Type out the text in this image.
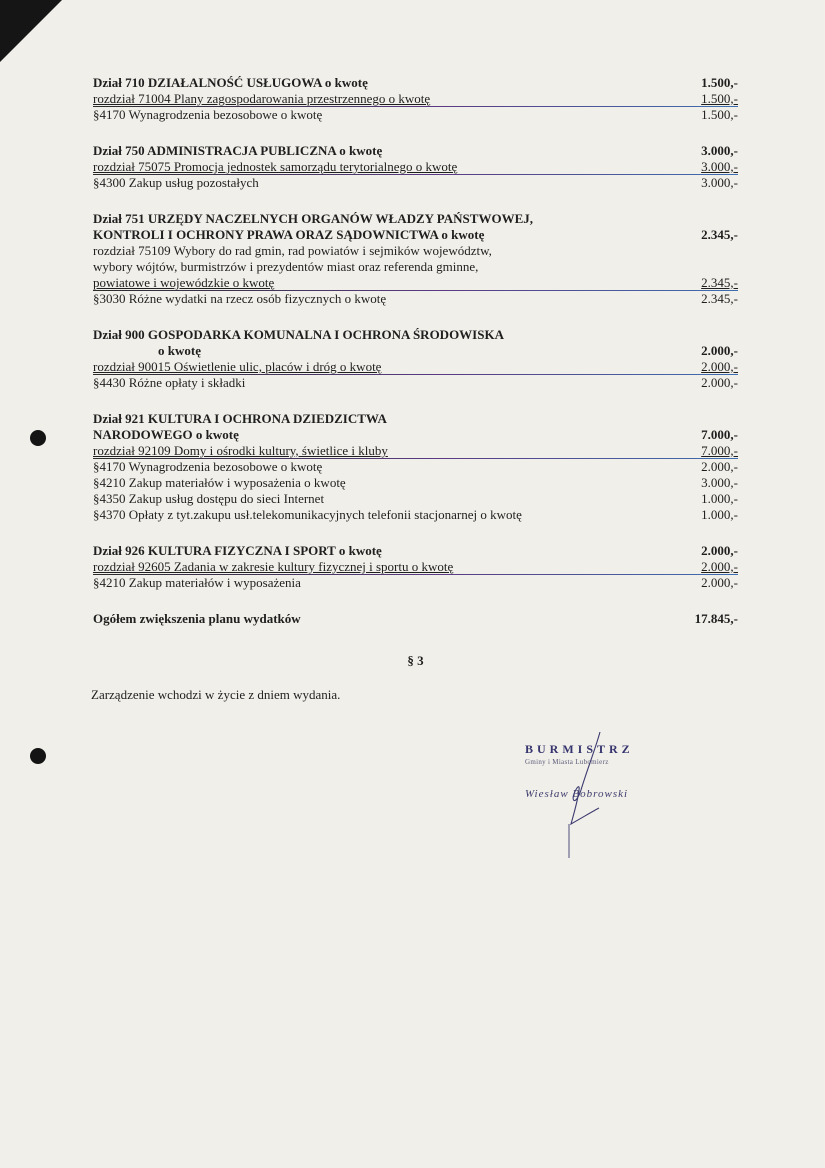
Dział 710 DZIAŁALNOŚĆ USŁUGOWA o kwotę	1.500,-
rozdział 71004 Plany zagospodarowania przestrzennego o kwotę	1.500,-
§4170 Wynagrodzenia bezosobowe o kwotę	1.500,-
Dział 750 ADMINISTRACJA PUBLICZNA o kwotę	3.000,-
rozdział 75075 Promocja jednostek samorządu terytorialnego o kwotę	3.000,-
§4300 Zakup usług pozostałych	3.000,-
Dział 751 URZĘDY NACZELNYCH ORGANÓW WŁADZY PAŃSTWOWEJ,
KONTROLI I OCHRONY PRAWA ORAZ SĄDOWNICTWA o kwotę	2.345,-
rozdział 75109 Wybory do rad gmin, rad powiatów i sejmików województw,
wybory wójtów, burmistrzów i prezydentów miast oraz referenda gminne,
powiatowe i wojewódzkie o kwotę	2.345,-
§3030 Różne wydatki na rzecz osób fizycznych o kwotę	2.345,-
Dział 900 GOSPODARKA KOMUNALNA I OCHRONA ŚRODOWISKA
o kwotę	2.000,-
rozdział 90015 Oświetlenie ulic, placów i dróg o kwotę	2.000,-
§4430 Różne opłaty i składki	2.000,-
Dział 921 KULTURA I OCHRONA DZIEDZICTWA
NARODOWEGO o kwotę	7.000,-
rozdział 92109 Domy i ośrodki kultury, świetlice i kluby	7.000,-
§4170 Wynagrodzenia bezosobowe o kwotę	2.000,-
§4210 Zakup materiałów i wyposażenia o kwotę	3.000,-
§4350 Zakup usług dostępu do sieci Internet	1.000,-
§4370 Opłaty z tyt.zakupu usł.telekomunikacyjnych telefonii stacjonarnej o kwotę	1.000,-
Dział 926 KULTURA FIZYCZNA I SPORT o kwotę	2.000,-
rozdział 92605 Zadania w zakresie kultury fizycznej i sportu o kwotę	2.000,-
§4210 Zakup materiałów i wyposażenia	2.000,-
Ogółem zwiększenia planu wydatków	17.845,-
§ 3
Zarządzenie wchodzi w życie z dniem wydania.
BURMISTRZ
Gminy i Miasta Lubomierz
Wiesław Bobrowski
